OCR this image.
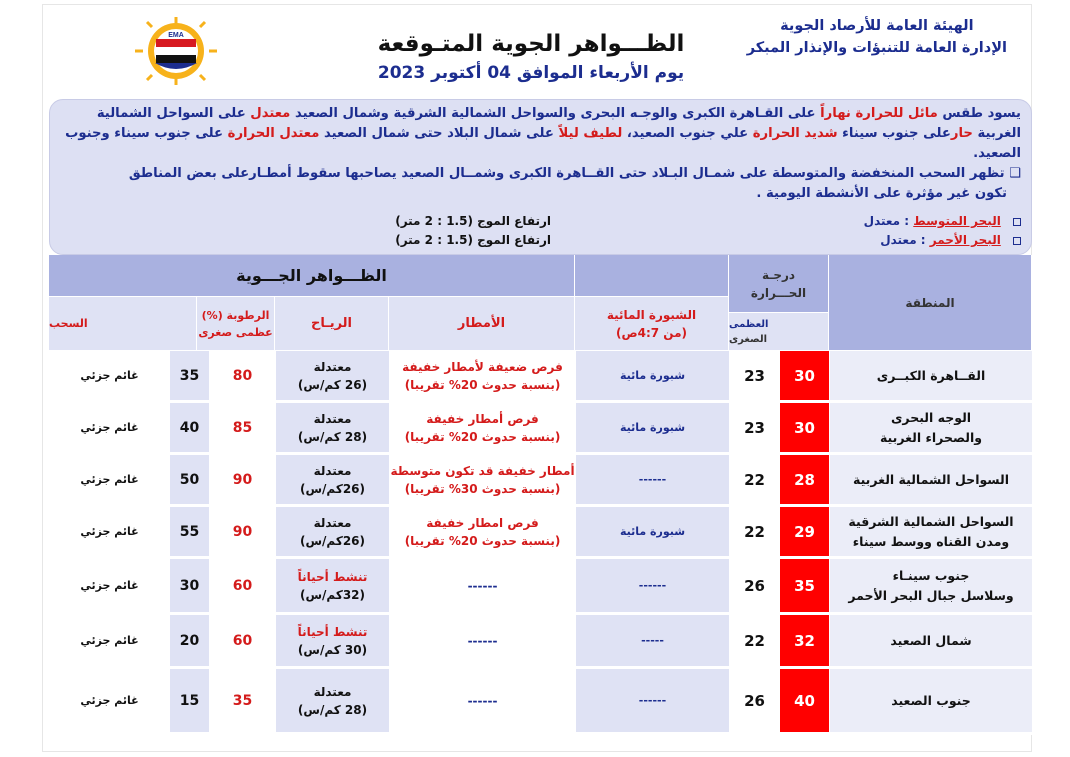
الهيئة العامة للأرصاد الجوية
الإدارة العامة للتنبؤات والإنذار المبكر
الظـــواهر الجوية المتـوقعة
يوم الأربعاء الموافق 04 أكتوبر 2023
EMA

يسود طقس مائل للحرارة نهاراً على القـاهرة الكبرى والوجـه البحرى والسواحل الشمالية الشرقية وشمال الصعيد معتدل على السواحل الشمالية الغربية حارعلى جنوب سيناء شديد الحرارة علي جنوب الصعيد، لطيف ليلاً على شمال البلاد حتى شمال الصعيد معتدل الحرارة على جنوب سيناء وجنوب الصعيد.

❑ تظهر السحب المنخفضة والمتوسطة على شمـال البـلاد حتى القــاهرة الكبرى وشمــال الصعيد يصاحبها سقوط أمطـارعلى بعض المناطق
تكون غير مؤثرة على الأنشطة اليومية .

البحر المتوسط : معتدل
البحر الأحمر : معتدل
ارتفاع الموج (1.5 : 2 متر)
ارتفاع الموج (1.5 : 2 متر)
المنطقة
درجـة
الحـــرارة
العظمى
الصغرى
الشبورة المائية
(من 4:7ص)
الظـــواهر الجـــوية
الأمطار
الريـاح
الرطوبة (%)
عظمى صغرى
السحب
القــاهرة الكبــرى
30
23
شبورة مائية
فرص ضعيفة لأمطار خفيفة
(بنسبة حدوث 20% تقريبا)
معتدلة
(26 كم/س)
80
35
غائم جزئي
الوجه البحرى
والصحراء الغربية
30
23
شبورة مائية
فرص أمطار خفيفة
(بنسبة حدوث 20% تقريبا)
معتدلة
(28 كم/س)
85
40
غائم جزئي
السواحل الشمالية الغربية
28
22
------
أمطار خفيفة قد تكون متوسطة
(بنسبة حدوث 30% تقريبا)
معتدلة
(26كم/س)
90
50
غائم جزئي
السواحل الشمالية الشرقية
ومدن القناه ووسط سيناء
29
22
شبورة مائية
فرص امطار خفيفة
(بنسبة حدوث 20% تقريبا)
معتدلة
(26كم/س)
90
55
غائم جزئي
جنوب سينـاء
وسلاسل جبال البحر الأحمر
35
26
------
------
تنشط أحياناً
(32كم/س)
60
30
غائم جزئي
شمال الصعيد
32
22
-----
------
تنشط أحياناً
(30 كم/س)
60
20
غائم جزئي
جنوب الصعيد
40
26
------
------
معتدلة
(28 كم/س)
35
15
غائم جزئي
